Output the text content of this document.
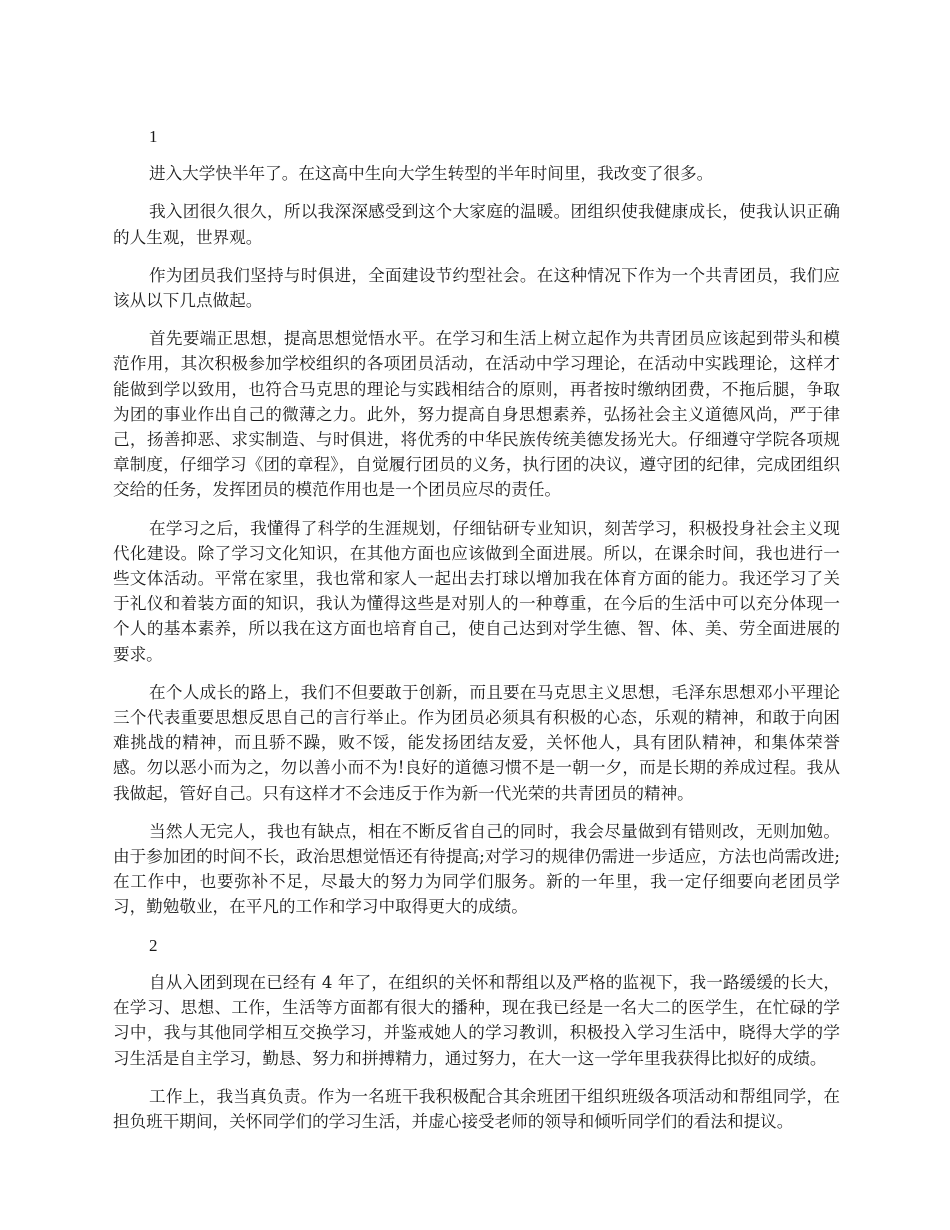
1

进入大学快半年了。在这高中生向大学生转型的半年时间里，我改变了很多。

我入团很久很久，所以我深深感受到这个大家庭的温暖。团组织使我健康成长，使我认识正确的人生观，世界观。

作为团员我们坚持与时俱进，全面建设节约型社会。在这种情况下作为一个共青团员，我们应该从以下几点做起。

首先要端正思想，提高思想觉悟水平。在学习和生活上树立起作为共青团员应该起到带头和模范作用，其次积极参加学校组织的各项团员活动，在活动中学习理论，在活动中实践理论，这样才能做到学以致用，也符合马克思的理论与实践相结合的原则，再者按时缴纳团费，不拖后腿，争取为团的事业作出自己的微薄之力。此外，努力提高自身思想素养，弘扬社会主义道德风尚，严于律己，扬善抑恶、求实制造、与时俱进，将优秀的中华民族传统美德发扬光大。仔细遵守学院各项规章制度，仔细学习《团的章程》，自觉履行团员的义务，执行团的决议，遵守团的纪律，完成团组织交给的任务，发挥团员的模范作用也是一个团员应尽的责任。

在学习之后，我懂得了科学的生涯规划，仔细钻研专业知识，刻苦学习，积极投身社会主义现代化建设。除了学习文化知识，在其他方面也应该做到全面进展。所以，在课余时间，我也进行一些文体活动。平常在家里，我也常和家人一起出去打球以增加我在体育方面的能力。我还学习了关于礼仪和着装方面的知识，我认为懂得这些是对别人的一种尊重，在今后的生活中可以充分体现一个人的基本素养，所以我在这方面也培育自己，使自己达到对学生德、智、体、美、劳全面进展的要求。

在个人成长的路上，我们不但要敢于创新，而且要在马克思主义思想，毛泽东思想邓小平理论三个代表重要思想反思自己的言行举止。作为团员必须具有积极的心态，乐观的精神，和敢于向困难挑战的精神，而且骄不躁，败不馁，能发扬团结友爱，关怀他人，具有团队精神，和集体荣誉感。勿以恶小而为之，勿以善小而不为!良好的道德习惯不是一朝一夕，而是长期的养成过程。我从我做起，管好自己。只有这样才不会违反于作为新一代光荣的共青团员的精神。

当然人无完人，我也有缺点，相在不断反省自己的同时，我会尽量做到有错则改，无则加勉。由于参加团的时间不长，政治思想觉悟还有待提高;对学习的规律仍需进一步适应，方法也尚需改进;在工作中，也要弥补不足，尽最大的努力为同学们服务。新的一年里，我一定仔细要向老团员学习，勤勉敬业，在平凡的工作和学习中取得更大的成绩。

2

自从入团到现在已经有 4 年了，在组织的关怀和帮组以及严格的监视下，我一路缓缓的长大，在学习、思想、工作，生活等方面都有很大的播种，现在我已经是一名大二的医学生，在忙碌的学习中，我与其他同学相互交换学习，并鉴戒她人的学习教训，积极投入学习生活中，晓得大学的学习生活是自主学习，勤恳、努力和拼搏精力，通过努力，在大一这一学年里我获得比拟好的成绩。

工作上，我当真负责。作为一名班干我积极配合其余班团干组织班级各项活动和帮组同学，在担负班干期间，关怀同学们的学习生活，并虚心接受老师的领导和倾听同学们的看法和提议。
